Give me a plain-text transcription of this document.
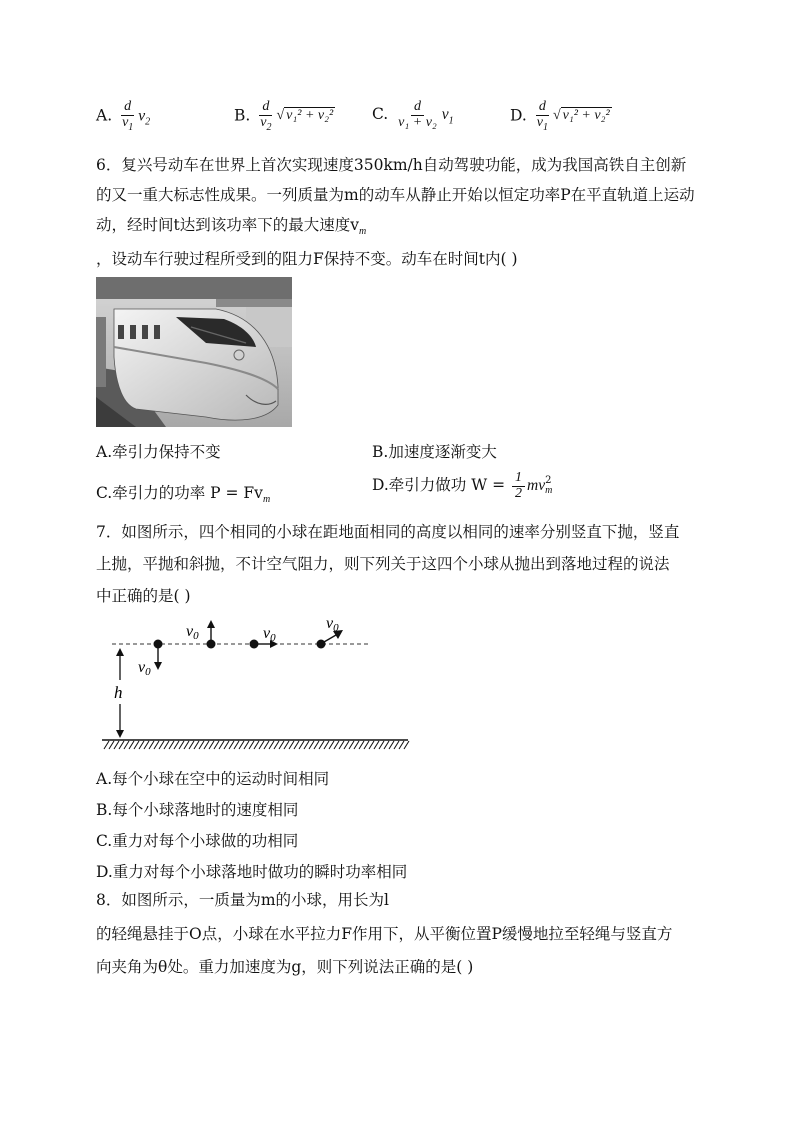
A. $\frac{d}{v_1} v_2$	B. $\frac{d}{v_2}$ √ v₁² + v₂²	C. $\frac{d}{\text{v₁ + v₂}} v_1$	D. $\frac{d}{v_1}$ √ v₁² + v₂²
6．复兴号动车在世界上首次实现速度350km/h自动驾驶功能，成为我国高铁自主创新
的又一重大标志性成果。一列质量为m的动车从静止开始以恒定功率P在平直轨道上运动
动，经时间t达到该功率下的最大速度$v_m$
，设动车行驶过程所受到的阻力F保持不变。动车在时间t内( )
A.牵引力保持不变	B.加速度逐渐变大
C.牵引力的功率 $P = Fv_m$
D.牵引力做功 $W = \frac{1}{2}$ mv 2
m
7．如图所示，四个相同的小球在距地面相同的高度以相同的速率分别竖直下抛，竖直
上抛，平抛和斜抛，不计空气阻力，则下列关于这四个小球从抛出到落地过程的说法
中正确的是( )
v0
v0	v0
v0
h
A.每个小球在空中的运动时间相同
B.每个小球落地时的速度相同
C.重力对每个小球做的功相同
D.重力对每个小球落地时做功的瞬时功率相同
8．如图所示，一质量为m的小球，用长为l
的轻绳悬挂于O点，小球在水平拉力F作用下，从平衡位置P缓慢地拉至轻绳与竖直方
向夹角为θ处。重力加速度为g，则下列说法正确的是( )
